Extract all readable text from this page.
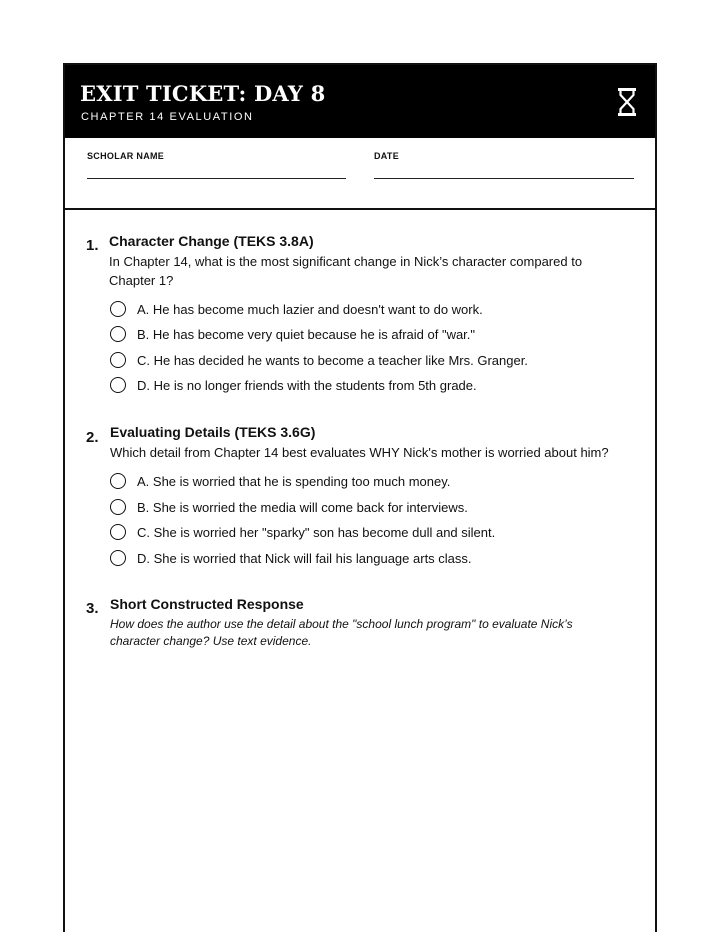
EXIT TICKET: DAY 8
CHAPTER 14 EVALUATION
SCHOLAR NAME	DATE
1. Character Change (TEKS 3.8A)
In Chapter 14, what is the most significant change in Nick’s character compared to Chapter 1?
A. He has become much lazier and doesn't want to do work.
B. He has become very quiet because he is afraid of "war."
C. He has decided he wants to become a teacher like Mrs. Granger.
D. He is no longer friends with the students from 5th grade.
2. Evaluating Details (TEKS 3.6G)
Which detail from Chapter 14 best evaluates WHY Nick's mother is worried about him?
A. She is worried that he is spending too much money.
B. She is worried the media will come back for interviews.
C. She is worried her "sparky" son has become dull and silent.
D. She is worried that Nick will fail his language arts class.
3. Short Constructed Response
How does the author use the detail about the "school lunch program" to evaluate Nick’s character change? Use text evidence.
